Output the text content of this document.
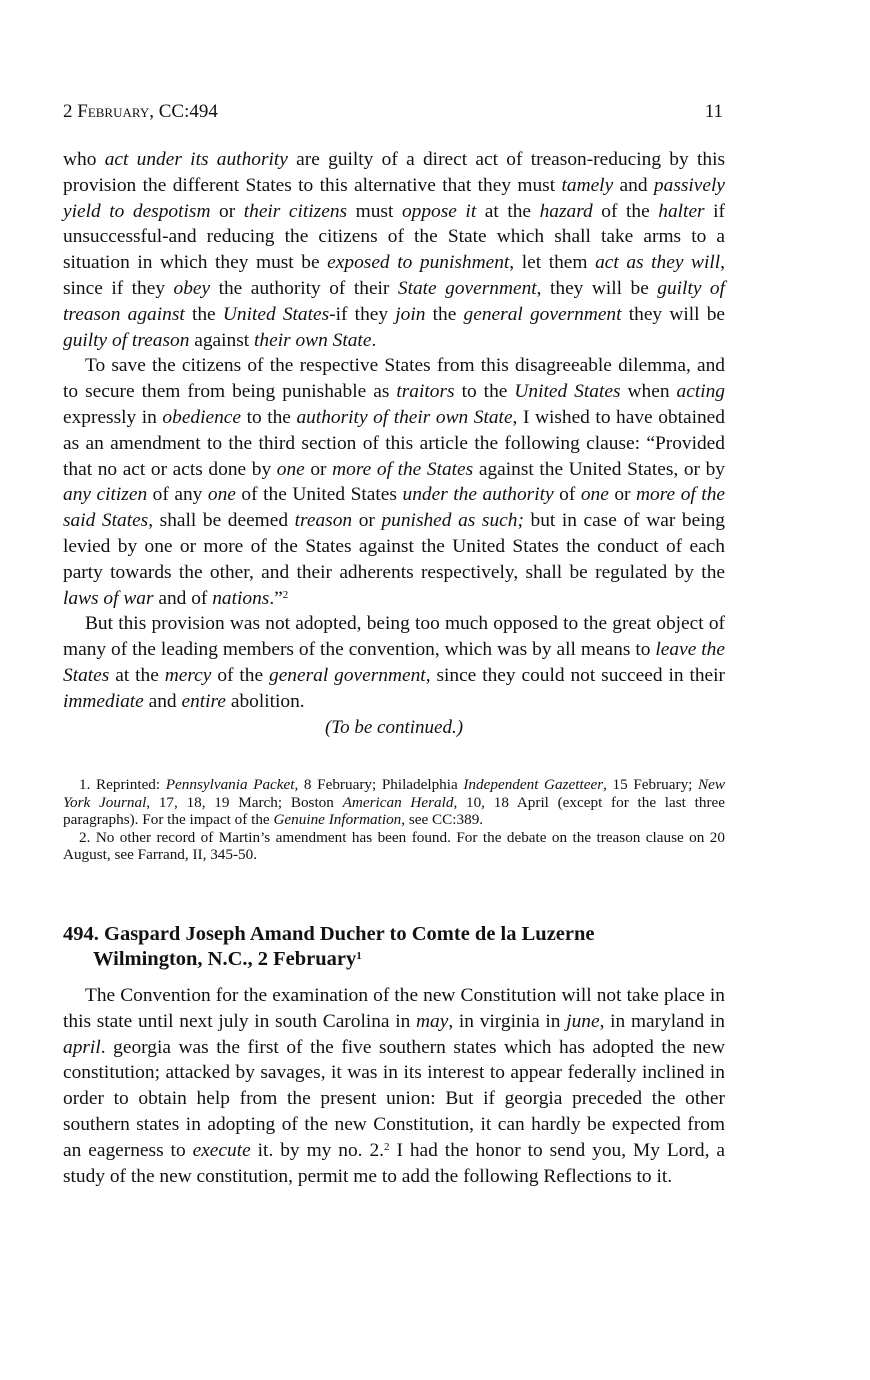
2 February, CC:494	11

who act under its authority are guilty of a direct act of treason-reducing by this provision the different States to this alternative that they must tamely and passively yield to despotism or their citizens must oppose it at the hazard of the halter if unsuccessful-and reducing the citizens of the State which shall take arms to a situation in which they must be exposed to punishment, let them act as they will, since if they obey the authority of their State government, they will be guilty of treason against the United States-if they join the general government they will be guilty of treason against their own State.

To save the citizens of the respective States from this disagreeable dilemma, and to secure them from being punishable as traitors to the United States when acting expressly in obedience to the authority of their own State, I wished to have obtained as an amendment to the third section of this article the following clause: “Provided that no act or acts done by one or more of the States against the United States, or by any citizen of any one of the United States under the authority of one or more of the said States, shall be deemed treason or punished as such; but in case of war being levied by one or more of the States against the United States the conduct of each party towards the other, and their adherents respectively, shall be regulated by the laws of war and of nations.”$^2$

But this provision was not adopted, being too much opposed to the great object of many of the leading members of the convention, which was by all means to leave the States at the mercy of the general government, since they could not succeed in their immediate and entire abolition.

(To be continued.)

1. Reprinted: Pennsylvania Packet, 8 February; Philadelphia Independent Gazetteer, 15 February; New York Journal, 17, 18, 19 March; Boston American Herald, 10, 18 April (except for the last three paragraphs). For the impact of the Genuine Information, see CC:389.

2. No other record of Martin’s amendment has been found. For the debate on the treason clause on 20 August, see Farrand, II, 345-50.

494. Gaspard Joseph Amand Ducher to Comte de la Luzerne
Wilmington, N.C., 2 February$^1$

The Convention for the examination of the new Constitution will not take place in this state until next july in south Carolina in may, in virginia in june, in maryland in april. georgia was the first of the five southern states which has adopted the new constitution; attacked by savages, it was in its interest to appear federally inclined in order to obtain help from the present union: But if georgia preceded the other southern states in adopting of the new Constitution, it can hardly be expected from an eagerness to execute it. by my no. 2.$^2$ I had the honor to send you, My Lord, a study of the new constitution, permit me to add the following Reflections to it.
